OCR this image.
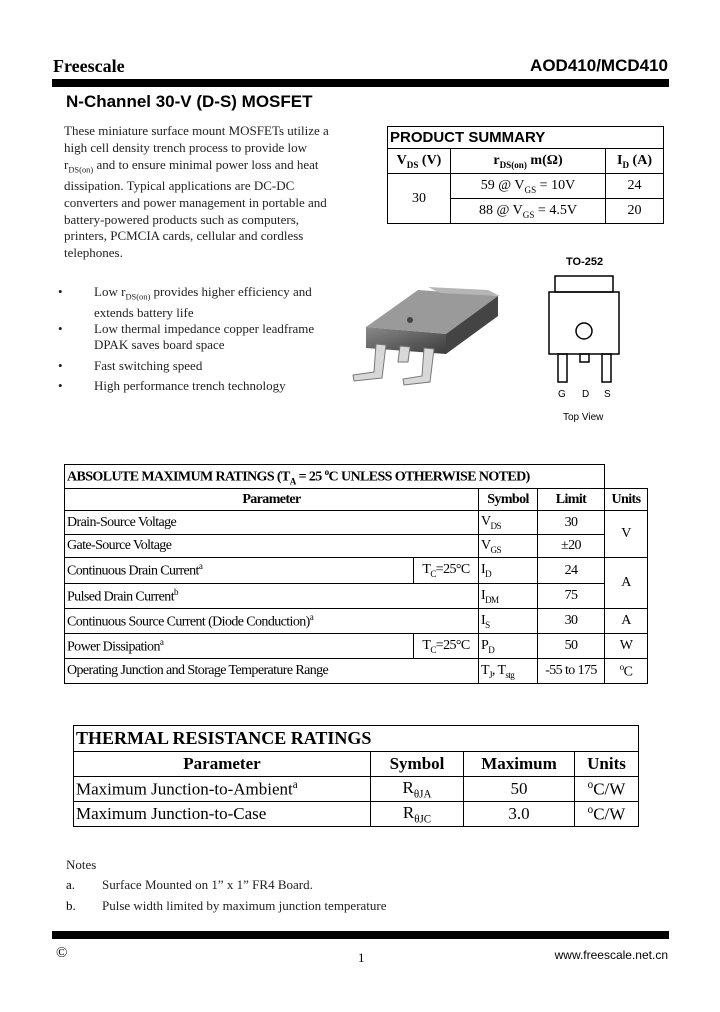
Freescale	AOD410/MCD410
N-Channel 30-V (D-S) MOSFET
These miniature surface mount MOSFETs utilize a
high cell density trench process to provide low
$r_{DS(on)}$ and to ensure minimal power loss and heat
dissipation. Typical applications are DC-DC
converters and power management in portable and
battery-powered products such as computers,
printers, PCMCIA cards, cellular and cordless
telephones.
PRODUCT SUMMARY		
$V_{DS}$ (V)	$r_{DS(on)}$ m(Ω)	$I_D$ (A)
30	59 @ $V_{GS} = 10V$	24
	88 @ $V_{GS} = 4.5V$	20
• Low $r_{DS(on)}$ provides higher efficiency and
extends battery life
• Low thermal impedance copper leadframe
DPAK saves board space
• Fast switching speed
• High performance trench technology
TO-252
G D S
Top View
ABSOLUTE MAXIMUM RATINGS ($T_A = 25$ $^o$C UNLESS OTHERWISE NOTED)				
Parameter		Symbol	Limit	Units
Drain-Source Voltage		$V_{DS}$	30	V
Gate-Source Voltage		$V_{GS}$	±20	
Continuous Drain Current$^a$	$T_C=25^\circ C$	$I_D$	24	A
Pulsed Drain Current$^b$		$I_{DM}$	75	
Continuous Source Current (Diode Conduction)$^a$		$I_S$	30	A
Power Dissipation$^a$	$T_C=25^\circ C$	$P_D$	50	W
Operating Junction and Storage Temperature Range		$T_J$, $T_{stg}$	-55 to 175	$^o$C
THERMAL RESISTANCE RATINGS			
Parameter	Symbol	Maximum	Units
Maximum Junction-to-Ambient$^a$	$R_{\theta JA}$	50	$^o$C/W
Maximum Junction-to-Case	$R_{\theta JC}$	3.0	$^o$C/W
Notes
a. Surface Mounted on 1” x 1” FR4 Board.
b. Pulse width limited by maximum junction temperature
©	1	www.freescale.net.cn
